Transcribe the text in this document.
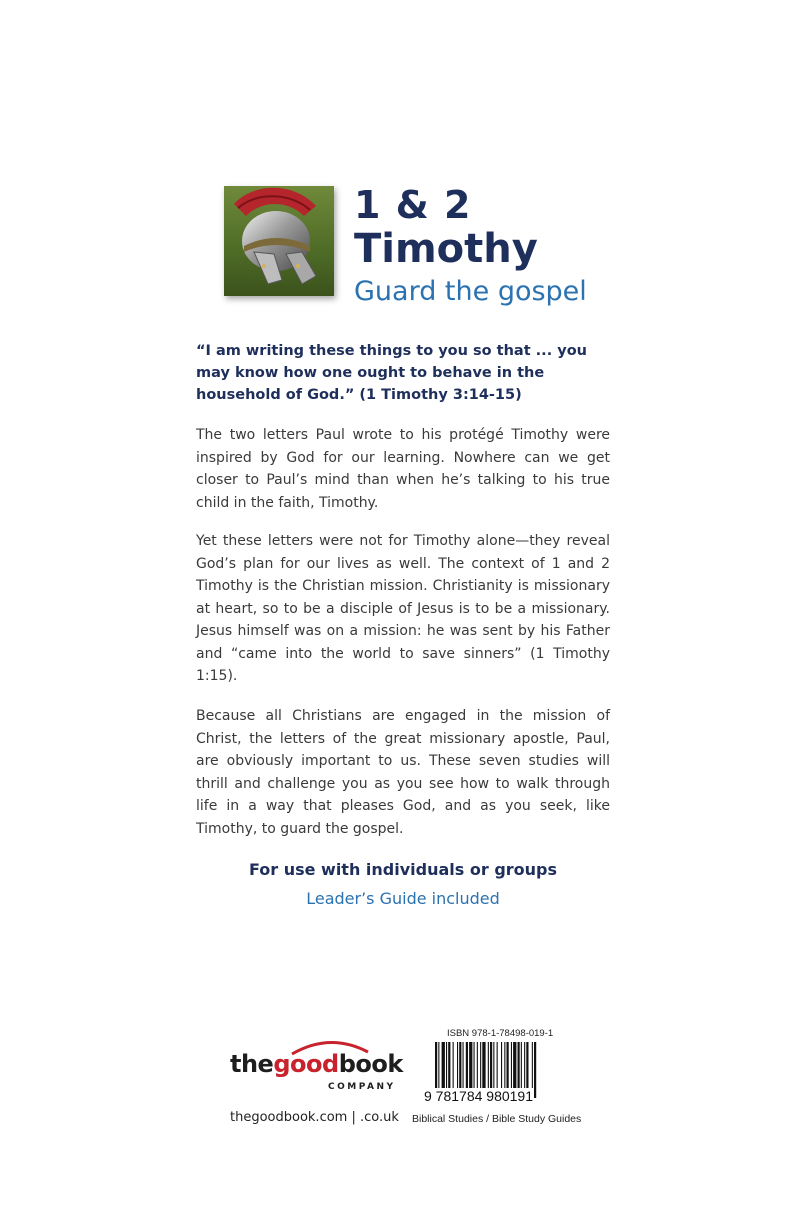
1 & 2
Timothy
Guard the gospel

“I am writing these things to you so that ... you may know how one ought to behave in the household of God.” (1 Timothy 3:14-15)

The two letters Paul wrote to his protégé Timothy were inspired by God for our learning. Nowhere can we get closer to Paul’s mind than when he’s talking to his true child in the faith, Timothy.

Yet these letters were not for Timothy alone—they reveal God’s plan for our lives as well. The context of 1 and 2 Timothy is the Christian mission. Christianity is missionary at heart, so to be a disciple of Jesus is to be a missionary. Jesus himself was on a mission: he was sent by his Father and “came into the world to save sinners” (1 Timothy 1:15).

Because all Christians are engaged in the mission of Christ, the letters of the great missionary apostle, Paul, are obviously important to us. These seven studies will thrill and challenge you as you see how to walk through life in a way that pleases God, and as you seek, like Timothy, to guard the gospel.

For use with individuals or groups
Leader’s Guide included
thegoodbook
COMPANY
thegoodbook.com | .co.uk
ISBN 978-1-78498-019-1
9 781784 980191
Biblical Studies / Bible Study Guides
